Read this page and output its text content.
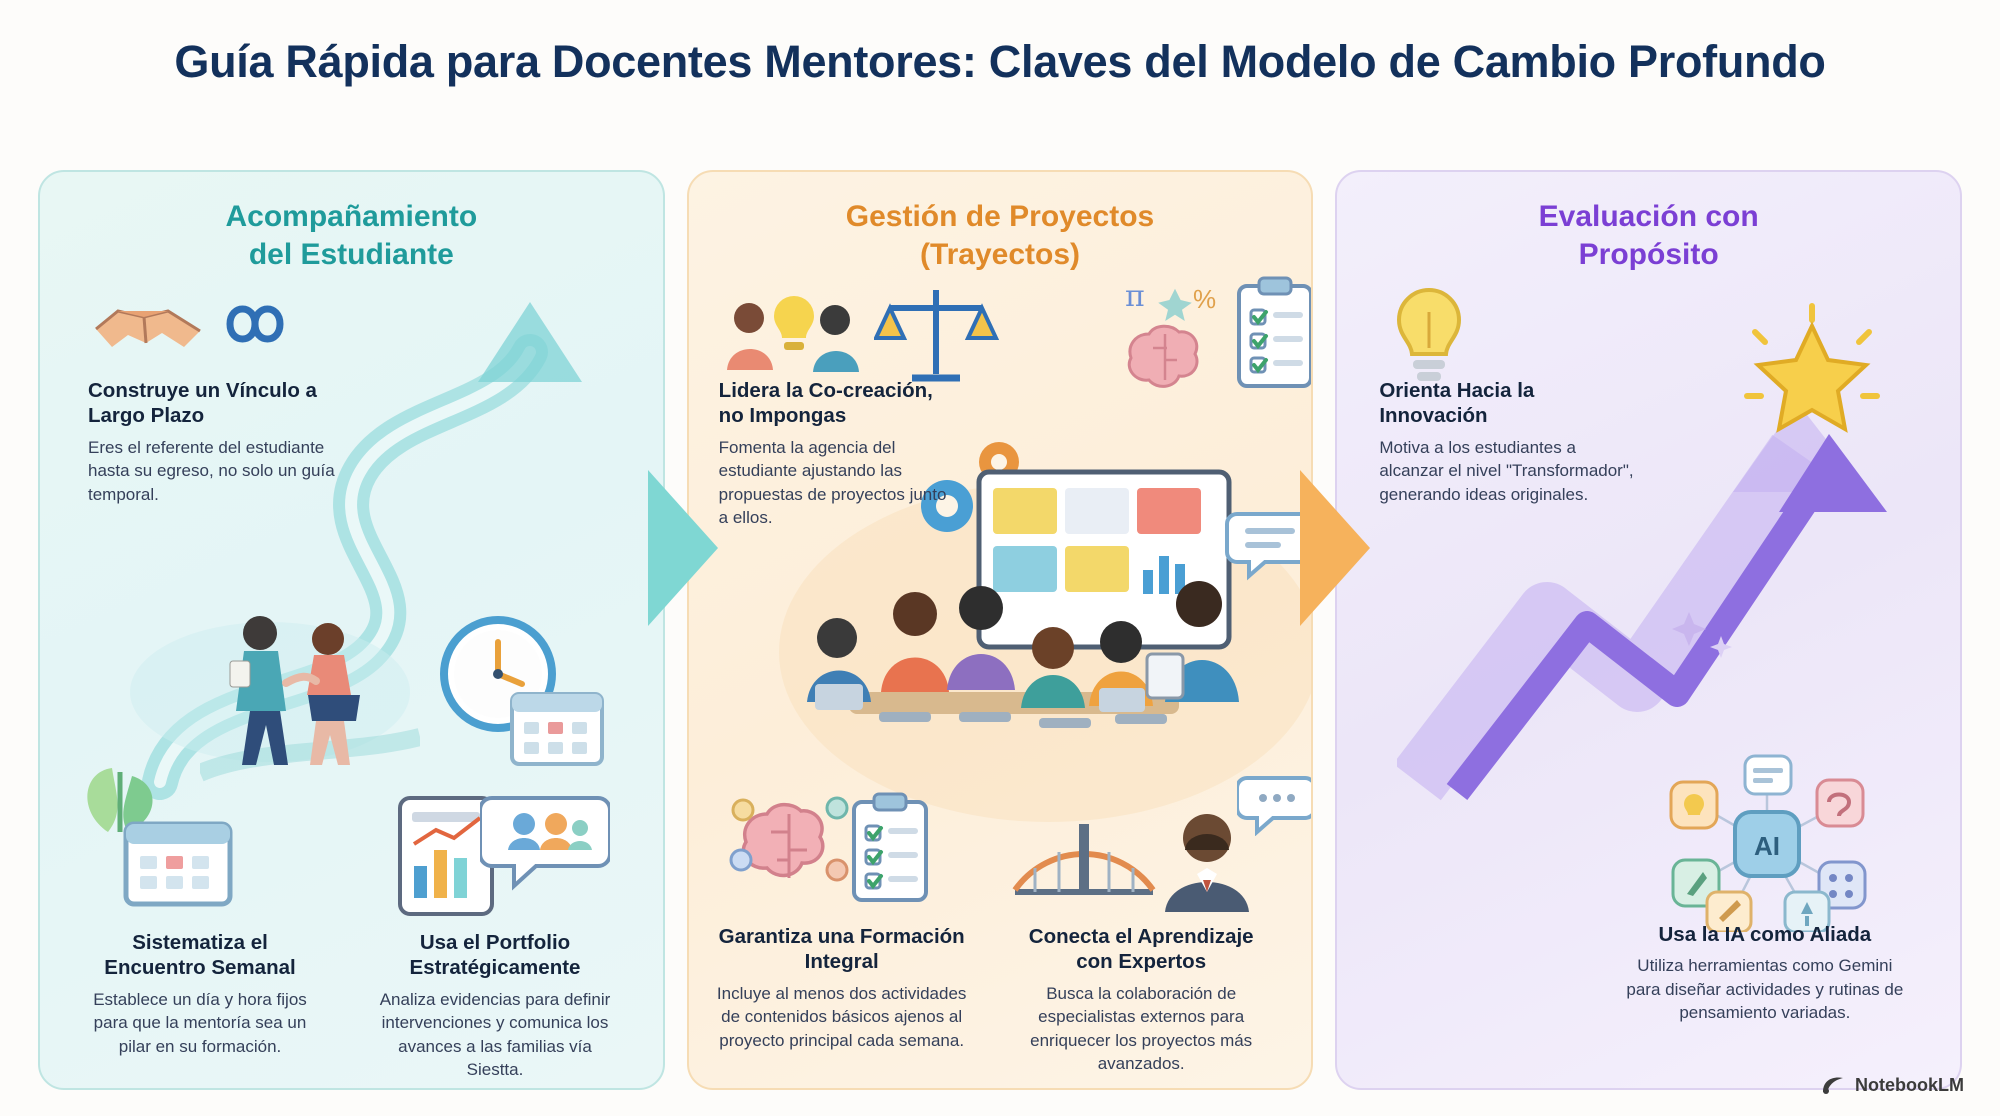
Guía Rápida para Docentes Mentores: Claves del Modelo de Cambio Profundo
Acompañamiento
del Estudiante
Construye un Vínculo a Largo Plazo

Eres el referente del estudiante hasta su egreso, no solo un guía temporal.

Sistematiza el Encuentro Semanal

Establece un día y hora fijos para que la mentoría sea un pilar en su formación.

Usa el Portfolio Estratégicamente

Analiza evidencias para definir intervenciones y comunica los avances a las familias vía Siestta.

Gestión de Proyectos
(Trayectos)
π %
Lidera la Co-creación, no Impongas

Fomenta la agencia del estudiante ajustando las propuestas de proyectos junto a ellos.

Garantiza una Formación Integral

Incluye al menos dos actividades de contenidos básicos ajenos al proyecto principal cada semana.

Conecta el Aprendizaje con Expertos

Busca la colaboración de especialistas externos para enriquecer los proyectos más avanzados.

Evaluación con
Propósito
Orienta Hacia la Innovación

Motiva a los estudiantes a alcanzar el nivel "Transformador", generando ideas originales.

AI
Usa la IA como Aliada

Utiliza herramientas como Gemini para diseñar actividades y rutinas de pensamiento variadas.

NotebookLM
